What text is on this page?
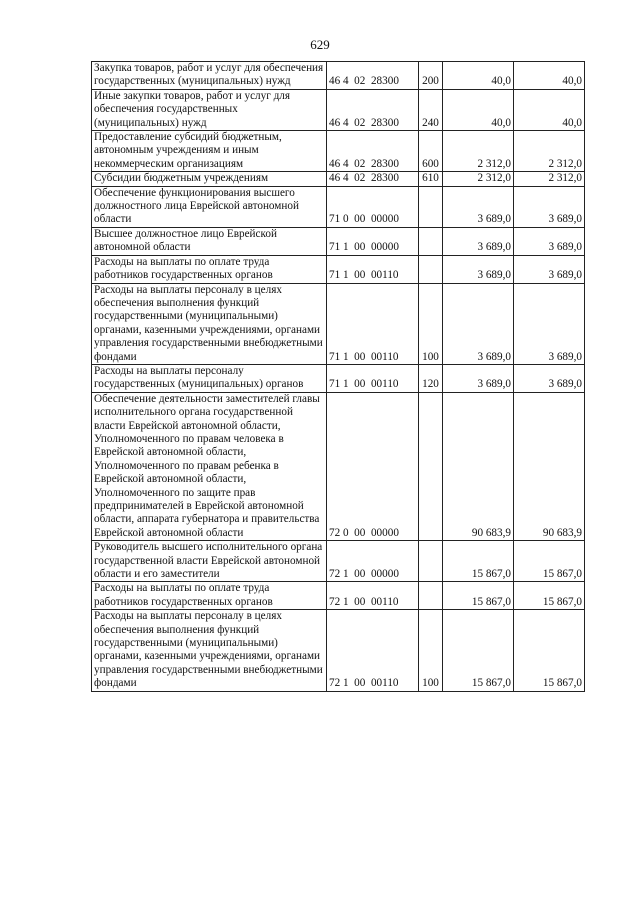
629
Закупка товаров, работ и услуг для обеспечения государственных (муниципальных) нужд	46 4  02  28300	200	40,0	40,0
Иные закупки товаров, работ и услуг для обеспечения государственных (муниципальных) нужд	46 4  02  28300	240	40,0	40,0
Предоставление субсидий бюджетным, автономным учреждениям и иным некоммерческим организациям	46 4  02  28300	600	2 312,0	2 312,0
Субсидии бюджетным учреждениям	46 4  02  28300	610	2 312,0	2 312,0
Обеспечение функционирования высшего должностного лица Еврейской автономной области	71 0  00  00000		3 689,0	3 689,0
Высшее должностное лицо Еврейской автономной области	71 1  00  00000		3 689,0	3 689,0
Расходы на выплаты по оплате труда работников государственных органов	71 1  00  00110		3 689,0	3 689,0
Расходы на выплаты персоналу в целях обеспечения выполнения функций государственными (муниципальными) органами, казенными учреждениями, органами управления государственными внебюджетными фондами	71 1  00  00110	100	3 689,0	3 689,0
Расходы на выплаты персоналу государственных (муниципальных) органов	71 1  00  00110	120	3 689,0	3 689,0
Обеспечение деятельности заместителей главы исполнительного органа государственной власти Еврейской автономной области, Уполномоченного по правам человека в Еврейской автономной области, Уполномоченного по правам ребенка в Еврейской автономной области, Уполномоченного по защите прав предпринимателей в Еврейской автономной области, аппарата губернатора и правительства Еврейской автономной области	72 0  00  00000		90 683,9	90 683,9
Руководитель высшего исполнительного органа государственной власти Еврейской автономной области и его заместители	72 1  00  00000		15 867,0	15 867,0
Расходы на выплаты по оплате труда работников государственных органов	72 1  00  00110		15 867,0	15 867,0
Расходы на выплаты персоналу в целях обеспечения выполнения функций государственными (муниципальными) органами, казенными учреждениями, органами управления государственными внебюджетными фондами	72 1  00  00110	100	15 867,0	15 867,0
